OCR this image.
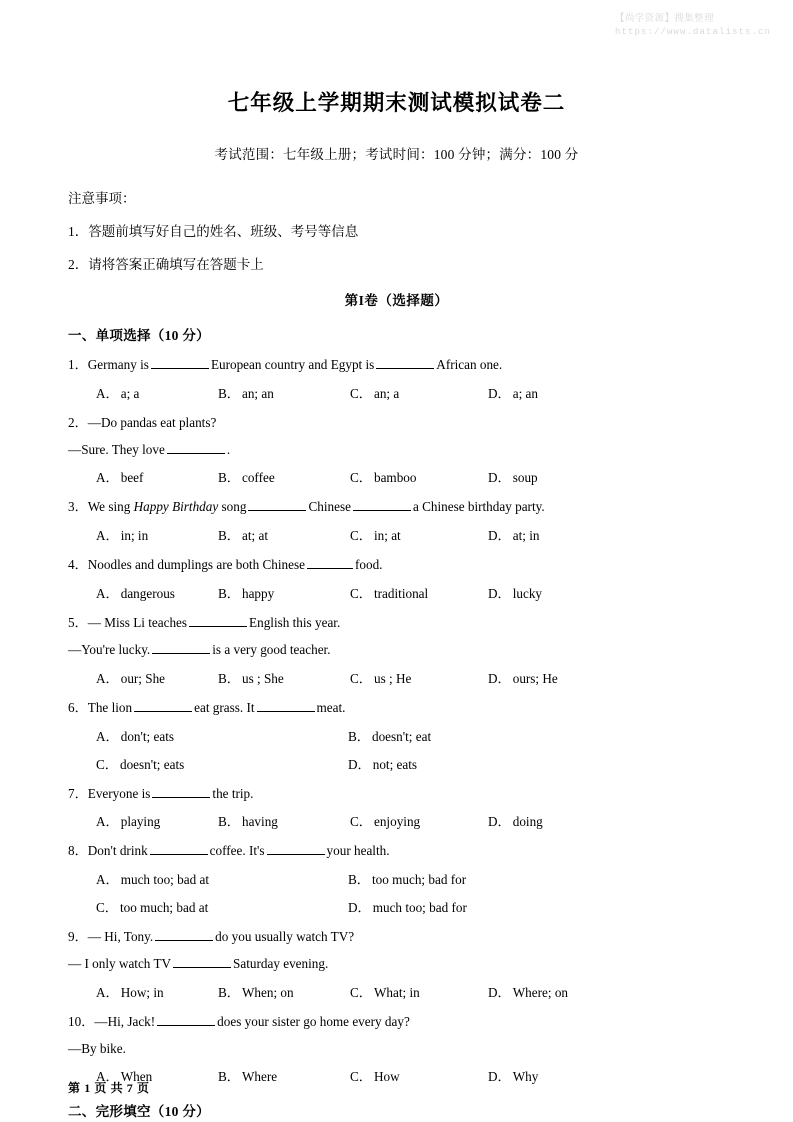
【尚学资源】搜集整理
https://www.datalists.cn
七年级上学期期末测试模拟试卷二
考试范围：七年级上册；考试时间：100 分钟；满分：100 分
注意事项：
1．答题前填写好自己的姓名、班级、考号等信息
2．请将答案正确填写在答题卡上
第I卷（选择题）
一、单项选择（10 分）
1．Germany is	European country and Egypt is	African one.
A． a; a	B． an; an	C． an; a	D． a; an
2．—Do pandas eat plants?
—Sure. They love	.
A． beef	B． coffee	C． bamboo	D． soup
3．We sing Happy Birthday song	Chinese	a Chinese birthday party.
A． in; in	B． at; at	C． in; at	D． at; in
4．Noodles and dumplings are both Chinese	food.
A． dangerous	B． happy	C． traditional	D． lucky
5．— Miss Li teaches	English this year.
—You're lucky.	is a very good teacher.
A． our; She	B． us ; She	C． us ; He	D． ours; He
6．The lion	eat grass. It	meat.
A． don't; eats	B． doesn't; eat
C． doesn't; eats	D． not; eats
7．Everyone is	the trip.
A． playing	B． having	C． enjoying	D． doing
8．Don't drink	coffee. It's	your health.
A． much too; bad at	B． too much; bad for
C． too much; bad at	D． much too; bad for
9．— Hi, Tony.	do you usually watch TV?
— I only watch TV	Saturday evening.
A． How; in	B． When; on	C． What; in	D． Where; on
10．—Hi, Jack!	does your sister go home every day?
—By bike.
A． When	B． Where	C． How	D． Why
二、完形填空（10 分）
第 1 页 共 7 页
